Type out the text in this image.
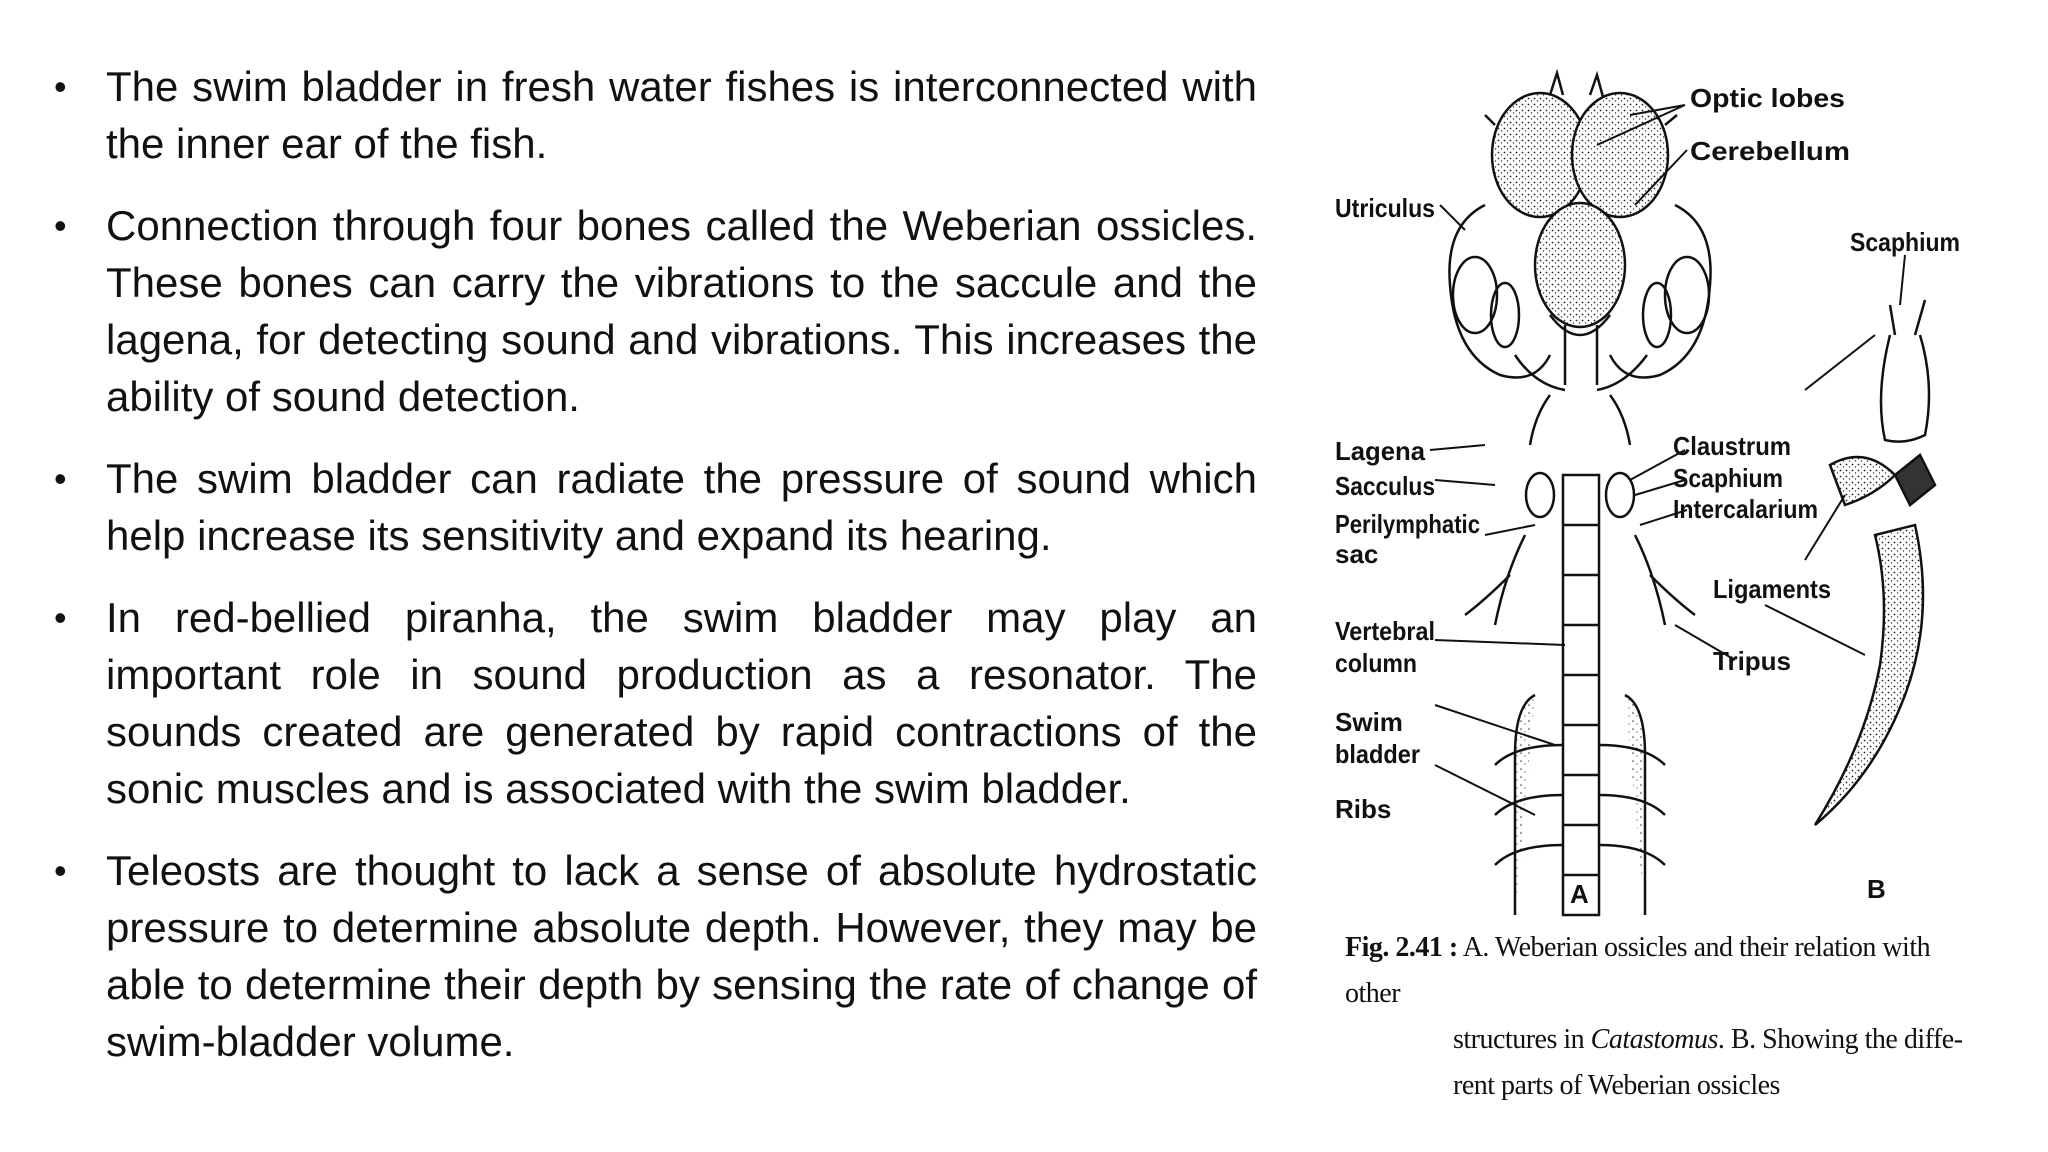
• The swim bladder in fresh water fishes is interconnected with the inner ear of the fish.
• Connection through four bones called the Weberian ossicles. These bones can carry the vibrations to the saccule and the lagena, for detecting sound and vibrations. This increases the ability of sound detection.
• The swim bladder can radiate the pressure of sound which help increase its sensitivity and expand its hearing.
• In red-bellied piranha, the swim bladder may play an important role in sound production as a resonator. The sounds created are generated by rapid contractions of the sonic muscles and is associated with the swim bladder.
• Teleosts are thought to lack a sense of absolute hydrostatic pressure to determine absolute depth. However, they may be able to determine their depth by sensing the rate of change of swim-bladder volume.
Optic lobes
Cerebellum
Utriculus
Scaphium
Lagena
Sacculus
Perilymphatic
sac
Vertebral
column
Swim
bladder
Ribs
Claustrum
Scaphium
Intercalarium
Ligaments
Tripus
A	B
Fig. 2.41 : A. Weberian ossicles and their relation with other
structures in Catastomus. B. Showing the diffe-
rent parts of Weberian ossicles
